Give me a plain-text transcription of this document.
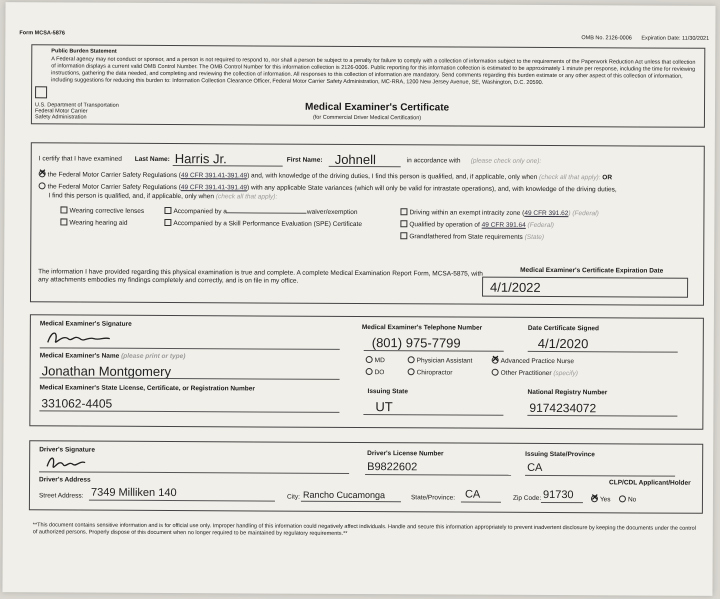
Form MCSA-5876
OMB No. 2126-0006 Expiration Date: 11/30/2021
Public Burden Statement
A Federal agency may not conduct or sponsor, and a person is not required to respond to, nor shall a person be subject to a penalty for failure to comply with a collection of information subject to the requirements of the Paperwork Reduction Act unless that collection of information displays a current valid OMB Control Number. The OMB Control Number for this information collection is 2126-0006. Public reporting for this information collection is estimated to be approximately 1 minute per response, including the time for reviewing instructions, gathering the data needed, and completing and reviewing the collection of information. All responses to this collection of information are mandatory. Send comments regarding this burden estimate or any other aspect of this collection of information, including suggestions for reducing this burden to: Information Collection Clearance Officer, Federal Motor Carrier Safety Administration, MC-RRA, 1200 New Jersey Avenue, SE, Washington, D.C. 20590.
U.S. Department of Transportation
Federal Motor Carrier
Safety Administration
Medical Examiner's Certificate
(for Commercial Driver Medical Certification)
I certify that I have examined Last Name: Harris Jr.	First Name: Johnell	in accordance with (please check only one):
✕the Federal Motor Carrier Safety Regulations (49 CFR 391.41-391.49) and, with knowledge of the driving duties, I find this person is qualified, and, if applicable, only when (check all that apply): OR
the Federal Motor Carrier Safety Regulations (49 CFR 391.41-391.49) with any applicable State variances (which will only be valid for intrastate operations), and, with knowledge of the driving duties,
I find this person is qualified, and, if applicable, only when (check all that apply):
Wearing corrective lenses
Wearing hearing aid
Accompanied by a	waiver/exemption
Accompanied by a Skill Performance Evaluation (SPE) Certificate
Driving within an exempt intracity zone (49 CFR 391.62) (Federal)
Qualified by operation of 49 CFR 391.64 (Federal)
Grandfathered from State requirements (State)
The information I have provided regarding this physical examination is true and complete. A complete Medical Examination Report Form, MCSA-5875, with any attachments embodies my findings completely and correctly, and is on file in my office.
Medical Examiner's Certificate Expiration Date
4/1/2022
Medical Examiner's Signature	Medical Examiner's Telephone Number
(801) 975-7799
Date Certificate Signed
4/1/2020
Medical Examiner's Name (please print or type)
Jonathan Montgomery
MD
DO
Physician Assistant
Chiropractor
✕Advanced Practice Nurse
Other Practitioner (specify)
Medical Examiner's State License, Certificate, or Registration Number
331062-4405
Issuing State
UT
National Registry Number
9174234072
Driver's Signature
Driver's License Number
B9822602
Issuing State/Province
CA
Driver's Address	CLP/CDL Applicant/Holder
Street Address: 7349 Milliken 140	City: Rancho Cucamonga	State/Province: CA	Zip Code: 91730
✕	Yes	No
**This document contains sensitive information and is for official use only. Improper handling of this information could negatively affect individuals. Handle and secure this information appropriately to prevent inadvertent disclosure by keeping the documents under the control of authorized persons. Properly dispose of this document when no longer required to be maintained by regulatory requirements.**
